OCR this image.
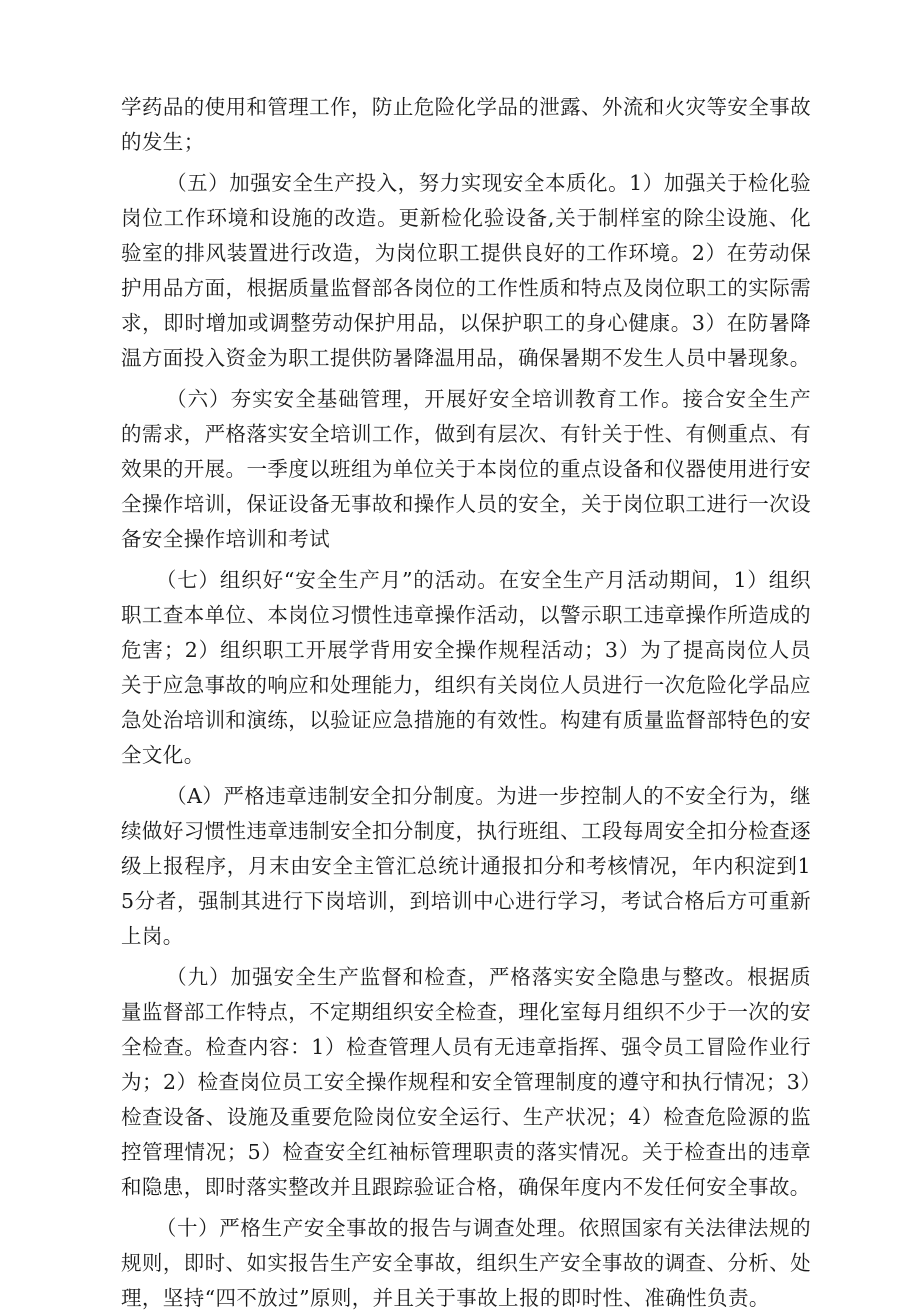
学药品的使用和管理工作，防止危险化学品的泄露、外流和火灾等安全事故的发生；

（五）加强安全生产投入，努力实现安全本质化。1）加强关于检化验岗位工作环境和设施的改造。更新检化验设备,关于制样室的除尘设施、化验室的排风装置进行改造，为岗位职工提供良好的工作环境。2）在劳动保护用品方面，根据质量监督部各岗位的工作性质和特点及岗位职工的实际需求，即时增加或调整劳动保护用品，以保护职工的身心健康。3）在防暑降温方面投入资金为职工提供防暑降温用品，确保暑期不发生人员中暑现象。

（六）夯实安全基础管理，开展好安全培训教育工作。接合安全生产的需求，严格落实安全培训工作，做到有层次、有针关于性、有侧重点、有效果的开展。一季度以班组为单位关于本岗位的重点设备和仪器使用进行安全操作培训，保证设备无事故和操作人员的安全，关于岗位职工进行一次设备安全操作培训和考试

（七）组织好“安全生产月”的活动。在安全生产月活动期间，1）组织职工查本单位、本岗位习惯性违章操作活动，以警示职工违章操作所造成的危害；2）组织职工开展学背用安全操作规程活动；3）为了提高岗位人员关于应急事故的响应和处理能力，组织有关岗位人员进行一次危险化学品应急处治培训和演练，以验证应急措施的有效性。构建有质量监督部特色的安全文化。

（A）严格违章违制安全扣分制度。为进一步控制人的不安全行为，继续做好习惯性违章违制安全扣分制度，执行班组、工段每周安全扣分检查逐级上报程序，月末由安全主管汇总统计通报扣分和考核情况，年内积淀到15分者，强制其进行下岗培训，到培训中心进行学习，考试合格后方可重新上岗。

（九）加强安全生产监督和检查，严格落实安全隐患与整改。根据质量监督部工作特点，不定期组织安全检查，理化室每月组织不少于一次的安全检查。检查内容：1）检查管理人员有无违章指挥、强令员工冒险作业行为；2）检查岗位员工安全操作规程和安全管理制度的遵守和执行情况；3）检查设备、设施及重要危险岗位安全运行、生产状况；4）检查危险源的监控管理情况；5）检查安全红袖标管理职责的落实情况。关于检查出的违章和隐患，即时落实整改并且跟踪验证合格，确保年度内不发任何安全事故。

（十）严格生产安全事故的报告与调查处理。依照国家有关法律法规的规则，即时、如实报告生产安全事故，组织生产安全事故的调查、分析、处理，坚持“四不放过”原则，并且关于事故上报的即时性、准确性负责。
